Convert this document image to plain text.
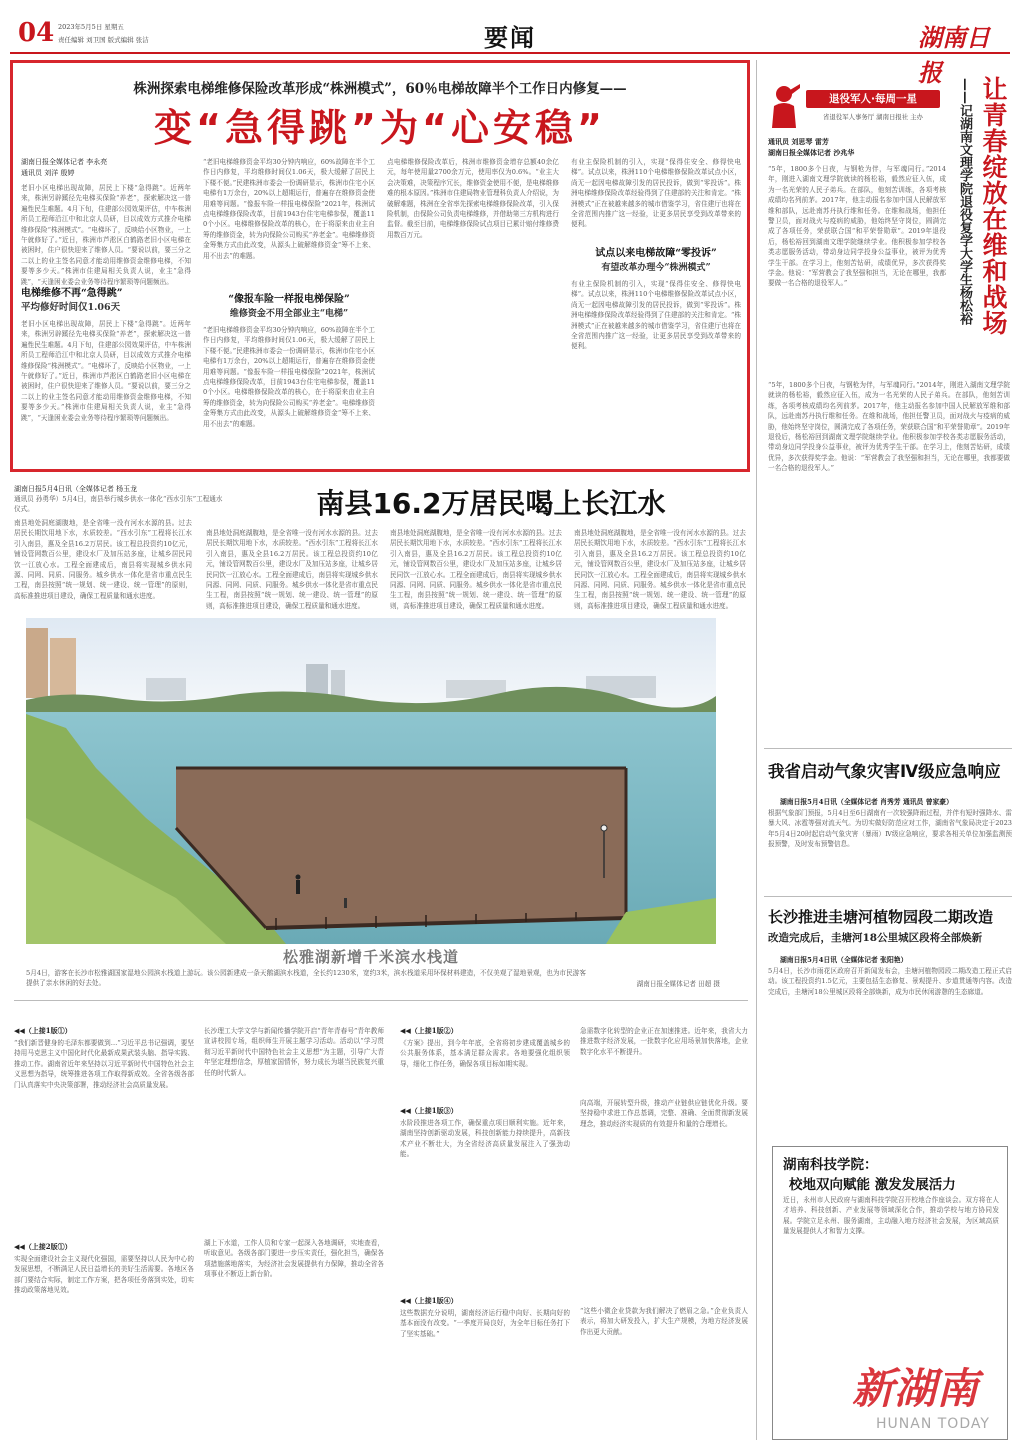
04 2023年5月5日 星期五
责任编辑 刘卫国 版式编辑 张洁	要闻	湖南日报
株洲探索电梯维修保险改革形成“株洲模式”，60％电梯故障半个工作日内修复——
变“急得跳”为“心安稳”
湖南日报全媒体记者 李永亮
通讯员 刘洋 殷婷
老旧小区电梯出现故障，居民上下楼“急得跳”。近两年来，株洲另辟蹊径先电梯买保险“养老”，探索解决这一普遍性民生难题。4月下旬，住建部公园效果评估，中车株洲所员工程师沿江中和北京人员研，目以成效方式推介电梯维修保险“株洲模式”。“电梯坏了，反映给小区物业，一上午就修好了。”近日，株洲市芦淞区白鹤路老旧小区电梯在被困时，住户很快迎来了维修人员。“要说以前，要三分之二以上的业主签名同意才能动用维修资金维修电梯，不知要等多少天。”株洲市住建局相关负责人说，业主“急得跳”，“天逢困业委会业务等待程序繁琐等问题频出。
电梯维修不再“急得跳”
平均修好时间仅1.06天
老旧小区电梯出现故障，居民上下楼“急得跳”。近两年来，株洲另辟蹊径先电梯买保险“养老”，探索解决这一普遍性民生难题。4月下旬，住建部公园效果评估，中车株洲所员工程师沿江中和北京人员研，目以成效方式推介电梯维修保险“株洲模式”。“电梯坏了，反映给小区物业，一上午就修好了。”近日，株洲市芦淞区白鹤路老旧小区电梯在被困时，住户很快迎来了维修人员。“要说以前，要三分之二以上的业主签名同意才能动用维修资金维修电梯，不知要等多少天。”株洲市住建局相关负责人说，业主“急得跳”，“天逢困业委会业务等待程序繁琐等问题频出。
“老旧电梯维修资金平均30分钟内响应，60%故障在半个工作日内修复，平均维修时间仅1.06天，极大缓解了居民上下楼不便。”民建株洲市委会一份调研显示，株洲市住宅小区电梯有1万余台，20%以上超期运行，普遍存在维修资金使用难等问题。“像报车险一样报电梯保险”2021年，株洲试点电梯维修保险改革，目前1943台住宅电梯参保，覆盖110个小区。电梯维修保险改革的核心，在于将原来由业主自筹的维修资金，转为向保险公司购买“养老金”。电梯维修资金筹集方式由此改变，从源头上破解维修资金“筹不上来、用不出去”的难题。
“像报车险一样报电梯保险”
维修资金不用全部业主“电梯”
“老旧电梯维修资金平均30分钟内响应，60%故障在半个工作日内修复，平均维修时间仅1.06天，极大缓解了居民上下楼不便。”民建株洲市委会一份调研显示，株洲市住宅小区电梯有1万余台，20%以上超期运行，普遍存在维修资金使用难等问题。“像报车险一样报电梯保险”2021年，株洲试点电梯维修保险改革，目前1943台住宅电梯参保，覆盖110个小区。电梯维修保险改革的核心，在于将原来由业主自筹的维修资金，转为向保险公司购买“养老金”。电梯维修资金筹集方式由此改变，从源头上破解维修资金“筹不上来、用不出去”的难题。
点电梯维修保险改革后，株洲市维修资金增存总额40余亿元，每年使用量2700余万元，使用率仅为0.6%。“业主大会决策难，决策程序冗长，维修资金使用不便，是电梯维修难的根本原因。”株洲市住建局物业管理科负责人介绍说，为破解难题，株洲在全省率先探索电梯维修保险改革，引入保险机制，由保险公司负责电梯维修，并借助第三方机构进行监督。截至目前，电梯维修保险试点项目已累计赔付维修费用数百万元。
有业主保险机制的引入，实现“保得住安全、修得快电梯”。试点以来，株洲110个电梯维修保险改革试点小区，尚无一起因电梯故障引发的居民投诉，做到“零投诉”。株洲电梯维修保险改革经验得到了住建部的关注和肯定。“株洲模式”正在被越来越多的城市借鉴学习，省住建厅也将在全省范围内推广这一经验，让更多居民享受到改革带来的便利。
试点以来电梯故障“零投诉”
有望改革办理今“株洲模式”
有业主保险机制的引入，实现“保得住安全、修得快电梯”。试点以来，株洲110个电梯维修保险改革试点小区，尚无一起因电梯故障引发的居民投诉，做到“零投诉”。株洲电梯维修保险改革经验得到了住建部的关注和肯定。“株洲模式”正在被越来越多的城市借鉴学习，省住建厅也将在全省范围内推广这一经验，让更多居民享受到改革带来的便利。
湖南日报5月4日讯（全媒体记者 杨玉龙
通讯员 孙勇华）5月4日，南县举行城乡供水一体化“西水引东”工程通水仪式。	南县16.2万居民喝上长江水
南县地处洞庭湖腹地，是全省唯一没有河水水源的县。过去居民长期饮用地下水，水质较差。“西水引东”工程将长江水引入南县，惠及全县16.2万居民。该工程总投资约10亿元，铺设管网数百公里，建设水厂及加压站多座，让城乡居民同饮一江放心水。工程全面建成后，南县将实现城乡供水同源、同网、同质、同服务。城乡供水一体化是省市重点民生工程，南县按照“统一规划、统一建设、统一管理”的原则，高标准推进项目建设，确保工程质量和通水进度。
南县地处洞庭湖腹地，是全省唯一没有河水水源的县。过去居民长期饮用地下水，水质较差。“西水引东”工程将长江水引入南县，惠及全县16.2万居民。该工程总投资约10亿元，铺设管网数百公里，建设水厂及加压站多座，让城乡居民同饮一江放心水。工程全面建成后，南县将实现城乡供水同源、同网、同质、同服务。城乡供水一体化是省市重点民生工程，南县按照“统一规划、统一建设、统一管理”的原则，高标准推进项目建设，确保工程质量和通水进度。
南县地处洞庭湖腹地，是全省唯一没有河水水源的县。过去居民长期饮用地下水，水质较差。“西水引东”工程将长江水引入南县，惠及全县16.2万居民。该工程总投资约10亿元，铺设管网数百公里，建设水厂及加压站多座，让城乡居民同饮一江放心水。工程全面建成后，南县将实现城乡供水同源、同网、同质、同服务。城乡供水一体化是省市重点民生工程，南县按照“统一规划、统一建设、统一管理”的原则，高标准推进项目建设，确保工程质量和通水进度。
南县地处洞庭湖腹地，是全省唯一没有河水水源的县。过去居民长期饮用地下水，水质较差。“西水引东”工程将长江水引入南县，惠及全县16.2万居民。该工程总投资约10亿元，铺设管网数百公里，建设水厂及加压站多座，让城乡居民同饮一江放心水。工程全面建成后，南县将实现城乡供水同源、同网、同质、同服务。城乡供水一体化是省市重点民生工程，南县按照“统一规划、统一建设、统一管理”的原则，高标准推进项目建设，确保工程质量和通水进度。
松雅湖新增千米滨水栈道
5月4日，游客在长沙市松雅湖国家湿地公园滨水栈道上游玩。该公园新建成一条天鹅湖滨水栈道，全长约1230米，宽约3米，滨水栈道采用环保材料建造，不仅美观了湿地景观，也为市民游客提供了亲水休闲的好去处。	湖南日报全媒体记者 田超 摄
◀◀（上接1版①）
“我们新晋健身的毛泽东都要做到…”习近平总书记强调，要坚持用马克思主义中国化时代化最新成果武装头脑、指导实践、推动工作。湖南省近年来坚持以习近平新时代中国特色社会主义思想为指导，统筹推进各项工作取得新成效。全省各级各部门认真落实中央决策部署，推动经济社会高质量发展。
◀◀（上接2版①）
实现全面建设社会主义现代化强国，需要坚持以人民为中心的发展思想，不断满足人民日益增长的美好生活需要。各地区各部门要结合实际，制定工作方案，把各项任务落到实处，切实推动政策落地见效。
长沙理工大学文学与新闻传播学院开启“青年青春号”青年教师宣讲校园专场，组织师生开展主题学习活动。活动以“学习贯彻习近平新时代中国特色社会主义思想”为主题，引导广大青年坚定理想信念，厚植家国情怀，努力成长为堪当民族复兴重任的时代新人。
湖上下水道，工作人员和专家一起深入各地调研，实地查看，听取意见。各级各部门要进一步压实责任，强化担当，确保各项措施落地落实，为经济社会发展提供有力保障，推动全省各项事业不断迈上新台阶。
◀◀（上接1版②）
《方案》提出，到今年年底，全省将初步建成覆盖城乡的公共服务体系，基本满足群众需求。各地要强化组织领导，细化工作任务，确保各项目标如期实现。
◀◀（上接1版③）
水阶段推进各项工作，确保重点项目顺利实施。近年来，湖南坚持创新驱动发展，科技创新能力持续提升，高新技术产业不断壮大，为全省经济高质量发展注入了强劲动能。
◀◀（上接1版④）
这些数据充分说明，湖南经济运行稳中向好、长期向好的基本面没有改变。“一季度开局良好，为全年目标任务打下了坚实基础。”
急需数字化转型的企业正在加速推进。近年来，我省大力推进数字经济发展，一批数字化应用场景加快落地，企业数字化水平不断提升。
向高端，开展转型升级，推动产业链供应链优化升级。要坚持稳中求进工作总基调，完整、准确、全面贯彻新发展理念，推动经济实现质的有效提升和量的合理增长。
“这些小微企业贷款为我们解决了燃眉之急。”企业负责人表示，将加大研发投入，扩大生产规模，为地方经济发展作出更大贡献。
退役军人·每周一星
省退役军人事务厅 湖南日报社 主办	让青春绽放在维和战场
——记湖南文理学院退役复学大学生杨松裕
通讯员 刘思琴 雷芳
湖南日报全媒体记者 沙兆华
“5年，1800多个日夜，与钢枪为伴，与军魂同行。”2014年，刚进入湖南文理学院就读的杨松裕，毅然应征入伍，成为一名光荣的人民子弟兵。在部队，他刻苦训练，各项考核成绩均名列前茅。2017年，他主动报名参加中国人民解放军维和部队，远赴南苏丹执行维和任务。在维和战场，他担任警卫员，面对战火与疫病的威胁，他始终坚守岗位，圆满完成了各项任务，荣获联合国“和平荣誉勋章”。2019年退役后，杨松裕回到湖南文理学院继续学业。他积极参加学校各类志愿服务活动，带动身边同学投身公益事业，被评为优秀学生干部。在学习上，他刻苦钻研，成绩优异，多次获得奖学金。他说：“军营教会了我坚强和担当，无论在哪里，我都要做一名合格的退役军人。”
“5年，1800多个日夜，与钢枪为伴，与军魂同行。”2014年，刚进入湖南文理学院就读的杨松裕，毅然应征入伍，成为一名光荣的人民子弟兵。在部队，他刻苦训练，各项考核成绩均名列前茅。2017年，他主动报名参加中国人民解放军维和部队，远赴南苏丹执行维和任务。在维和战场，他担任警卫员，面对战火与疫病的威胁，他始终坚守岗位，圆满完成了各项任务，荣获联合国“和平荣誉勋章”。2019年退役后，杨松裕回到湖南文理学院继续学业。他积极参加学校各类志愿服务活动，带动身边同学投身公益事业，被评为优秀学生干部。在学习上，他刻苦钻研，成绩优异，多次获得奖学金。他说：“军营教会了我坚强和担当，无论在哪里，我都要做一名合格的退役军人。”
我省启动气象灾害Ⅳ级应急响应
湖南日报5月4日讯（全媒体记者 肖秀芳 通讯员 曾家豪）
根据气象部门预报，5月4日至6日湖南有一次较强降雨过程，并伴有短时强降水、雷暴大风、冰雹等强对流天气。为切实做好防范应对工作，湖南省气象局决定于2023年5月4日20时起启动气象灾害（暴雨）Ⅳ级应急响应，要求各相关单位加强监测预报预警，及时发布预警信息。
长沙推进圭塘河植物园段二期改造
改造完成后，圭塘河18公里城区段将全部焕新
湖南日报5月4日讯（全媒体记者 张阳艳）
5月4日，长沙市雨花区政府召开新闻发布会，圭塘河植物园段二期改造工程正式启动。该工程投资约1.5亿元，主要包括生态修复、景观提升、步道贯通等内容。改造完成后，圭塘河18公里城区段将全部焕新，成为市民休闲游憩的生态廊道。
湖南科技学院：
校地双向赋能 激发发展活力
近日，永州市人民政府与湖南科技学院召开校地合作座谈会。双方将在人才培养、科技创新、产业发展等领域深化合作，推动学校与地方协同发展。学院立足永州、服务湖南，主动融入地方经济社会发展，为区域高质量发展提供人才和智力支撑。
新湖南
HUNAN TODAY
